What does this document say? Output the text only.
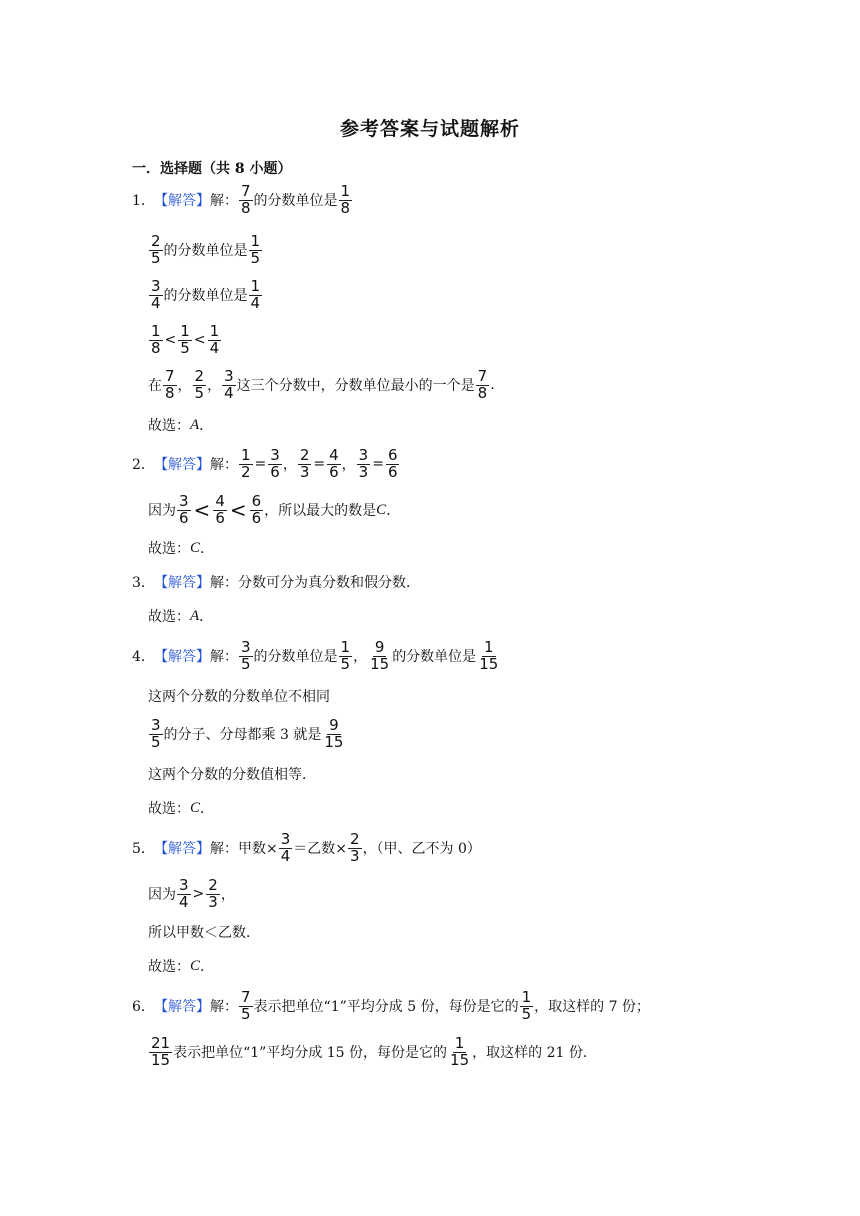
参考答案与试题解析
一．选择题（共 8 小题）
1． 【解答】 解： $\frac{7}{8}$ 的分数单位是 $\frac{1}{8}$
$\frac{2}{5}$ 的分数单位是 $\frac{1}{5}$
$\frac{3}{4}$ 的分数单位是 $\frac{1}{4}$
$\frac{1}{8} < \frac{1}{5} < \frac{1}{4}$
在 $\frac{7}{8}$ ， $\frac{2}{5}$ ， $\frac{3}{4}$ 这三个分数中，分数单位最小的一个是 $\frac{7}{8}$ .
故选： A ．
2． 【解答】 解： $\frac{1}{2} = \frac{3}{6}$ ， $\frac{2}{3} = \frac{4}{6}$ ， $\frac{3}{3} = \frac{6}{6}$
因为 $\frac{3}{6} < \frac{4}{6} < \frac{6}{6}$ ，所以最大的数是 C ．
故选： C ．
3． 【解答】 解： 分数可分为真分数和假分数．
故选： A ．
4． 【解答】 解： $\frac{3}{5}$ 的分数单位是 $\frac{1}{5}$ ， $\frac{9}{15}$ 的分数单位是 $\frac{1}{15}$
这两个分数的分数单位不相同
$\frac{3}{5}$ 的分子、分母都乘 3 就是 $\frac{9}{15}$
这两个分数的分数值相等．
故选： C ．
5． 【解答】 解： 甲数× $\frac{3}{4}$ ＝乙数× $\frac{2}{3}$ ，（甲、乙不为 0）
因为 $\frac{3}{4} > \frac{2}{3}$ ，
所以甲数＜乙数．
故选： C ．
6． 【解答】 解： $\frac{7}{5}$ 表示把单位“1”平均分成 5 份，每份是它的 $\frac{1}{5}$ ，取这样的 7 份；
$\frac{21}{15}$ 表示把单位“1”平均分成 15 份，每份是它的 $\frac{1}{15}$ ，取这样的 21 份．
